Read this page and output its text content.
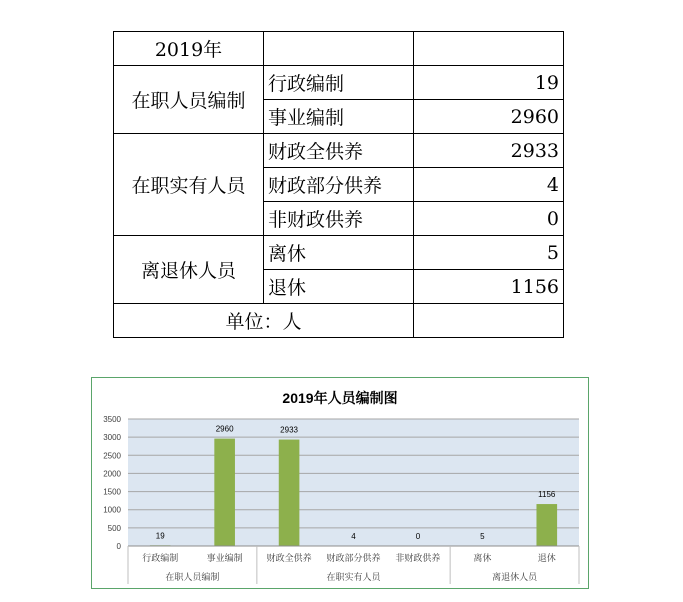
2019年		
在职人员编制	行政编制	19
	事业编制	2960
在职实有人员	财政全供养	2933
	财政部分供养	4
	非财政供养	0
离退休人员	离休	5
	退休	1156
单位：人		
2019年人员编制图
0
500
1000
1500
2000
2500
3000
3500
19
行政编制
2960
事业编制
2933
财政全供养
4
财政部分供养
0
非财政供养
5
离休
1156
退休
在职人员编制	在职实有人员	离退休人员
